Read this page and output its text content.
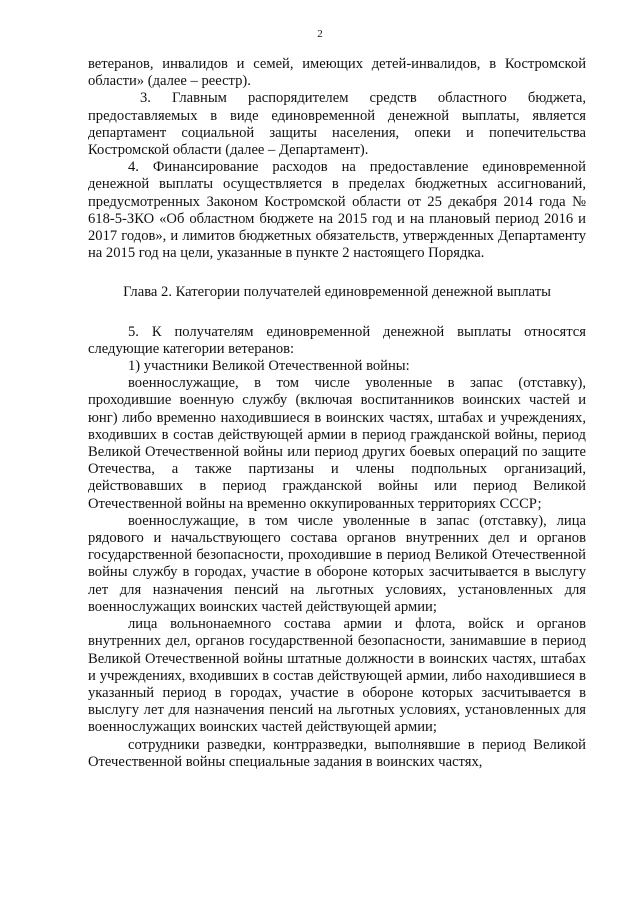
2

ветеранов, инвалидов и семей, имеющих детей-инвалидов, в Костромской области» (далее – реестр).

3. Главным распорядителем средств областного бюджета, предоставляемых в виде единовременной денежной выплаты, является департамент социальной защиты населения, опеки и попечительства Костромской области (далее – Департамент).

4. Финансирование расходов на предоставление единовременной денежной выплаты осуществляется в пределах бюджетных ассигнований, предусмотренных Законом Костромской области от 25 декабря 2014 года № 618-5-ЗКО «Об областном бюджете на 2015 год и на плановый период 2016 и 2017 годов», и лимитов бюджетных обязательств, утвержденных Департаменту на 2015 год на цели, указанные в пункте 2 настоящего Порядка.

Глава 2. Категории получателей единовременной денежной выплаты

5. К получателям единовременной денежной выплаты относятся следующие категории ветеранов:

1) участники Великой Отечественной войны:

военнослужащие, в том числе уволенные в запас (отставку), проходившие военную службу (включая воспитанников воинских частей и юнг) либо временно находившиеся в воинских частях, штабах и учреждениях, входивших в состав действующей армии в период гражданской войны, период Великой Отечественной войны или период других боевых операций по защите Отечества, а также партизаны и члены подпольных организаций, действовавших в период гражданской войны или период Великой Отечественной войны на временно оккупированных территориях СССР;

военнослужащие, в том числе уволенные в запас (отставку), лица рядового и начальствующего состава органов внутренних дел и органов государственной безопасности, проходившие в период Великой Отечественной войны службу в городах, участие в обороне которых засчитывается в выслугу лет для назначения пенсий на льготных условиях, установленных для военнослужащих воинских частей действующей армии;

лица вольнонаемного состава армии и флота, войск и органов внутренних дел, органов государственной безопасности, занимавшие в период Великой Отечественной войны штатные должности в воинских частях, штабах и учреждениях, входивших в состав действующей армии, либо находившиеся в указанный период в городах, участие в обороне которых засчитывается в выслугу лет для назначения пенсий на льготных условиях, установленных для военнослужащих воинских частей действующей армии;

сотрудники разведки, контрразведки, выполнявшие в период Великой Отечественной войны специальные задания в воинских частях,
